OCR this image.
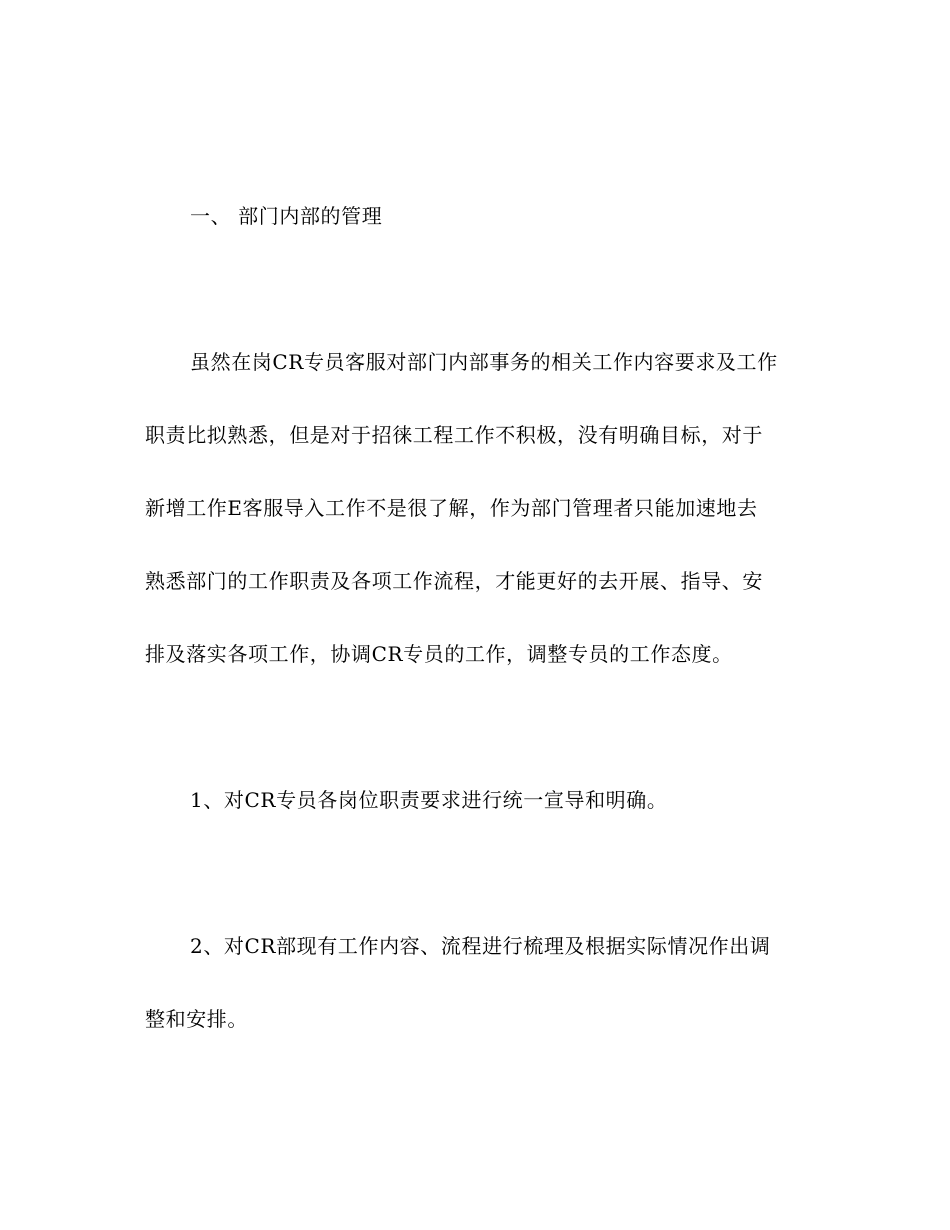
一、 部门内部的管理

虽然在岗CR专员客服对部门内部事务的相关工作内容要求及工作

职责比拟熟悉，但是对于招徕工程工作不积极，没有明确目标，对于

新增工作E客服导入工作不是很了解，作为部门管理者只能加速地去

熟悉部门的工作职责及各项工作流程，才能更好的去开展、指导、安

排及落实各项工作，协调CR专员的工作，调整专员的工作态度。

1、对CR专员各岗位职责要求进行统一宣导和明确。

2、对CR部现有工作内容、流程进行梳理及根据实际情况作出调

整和安排。
